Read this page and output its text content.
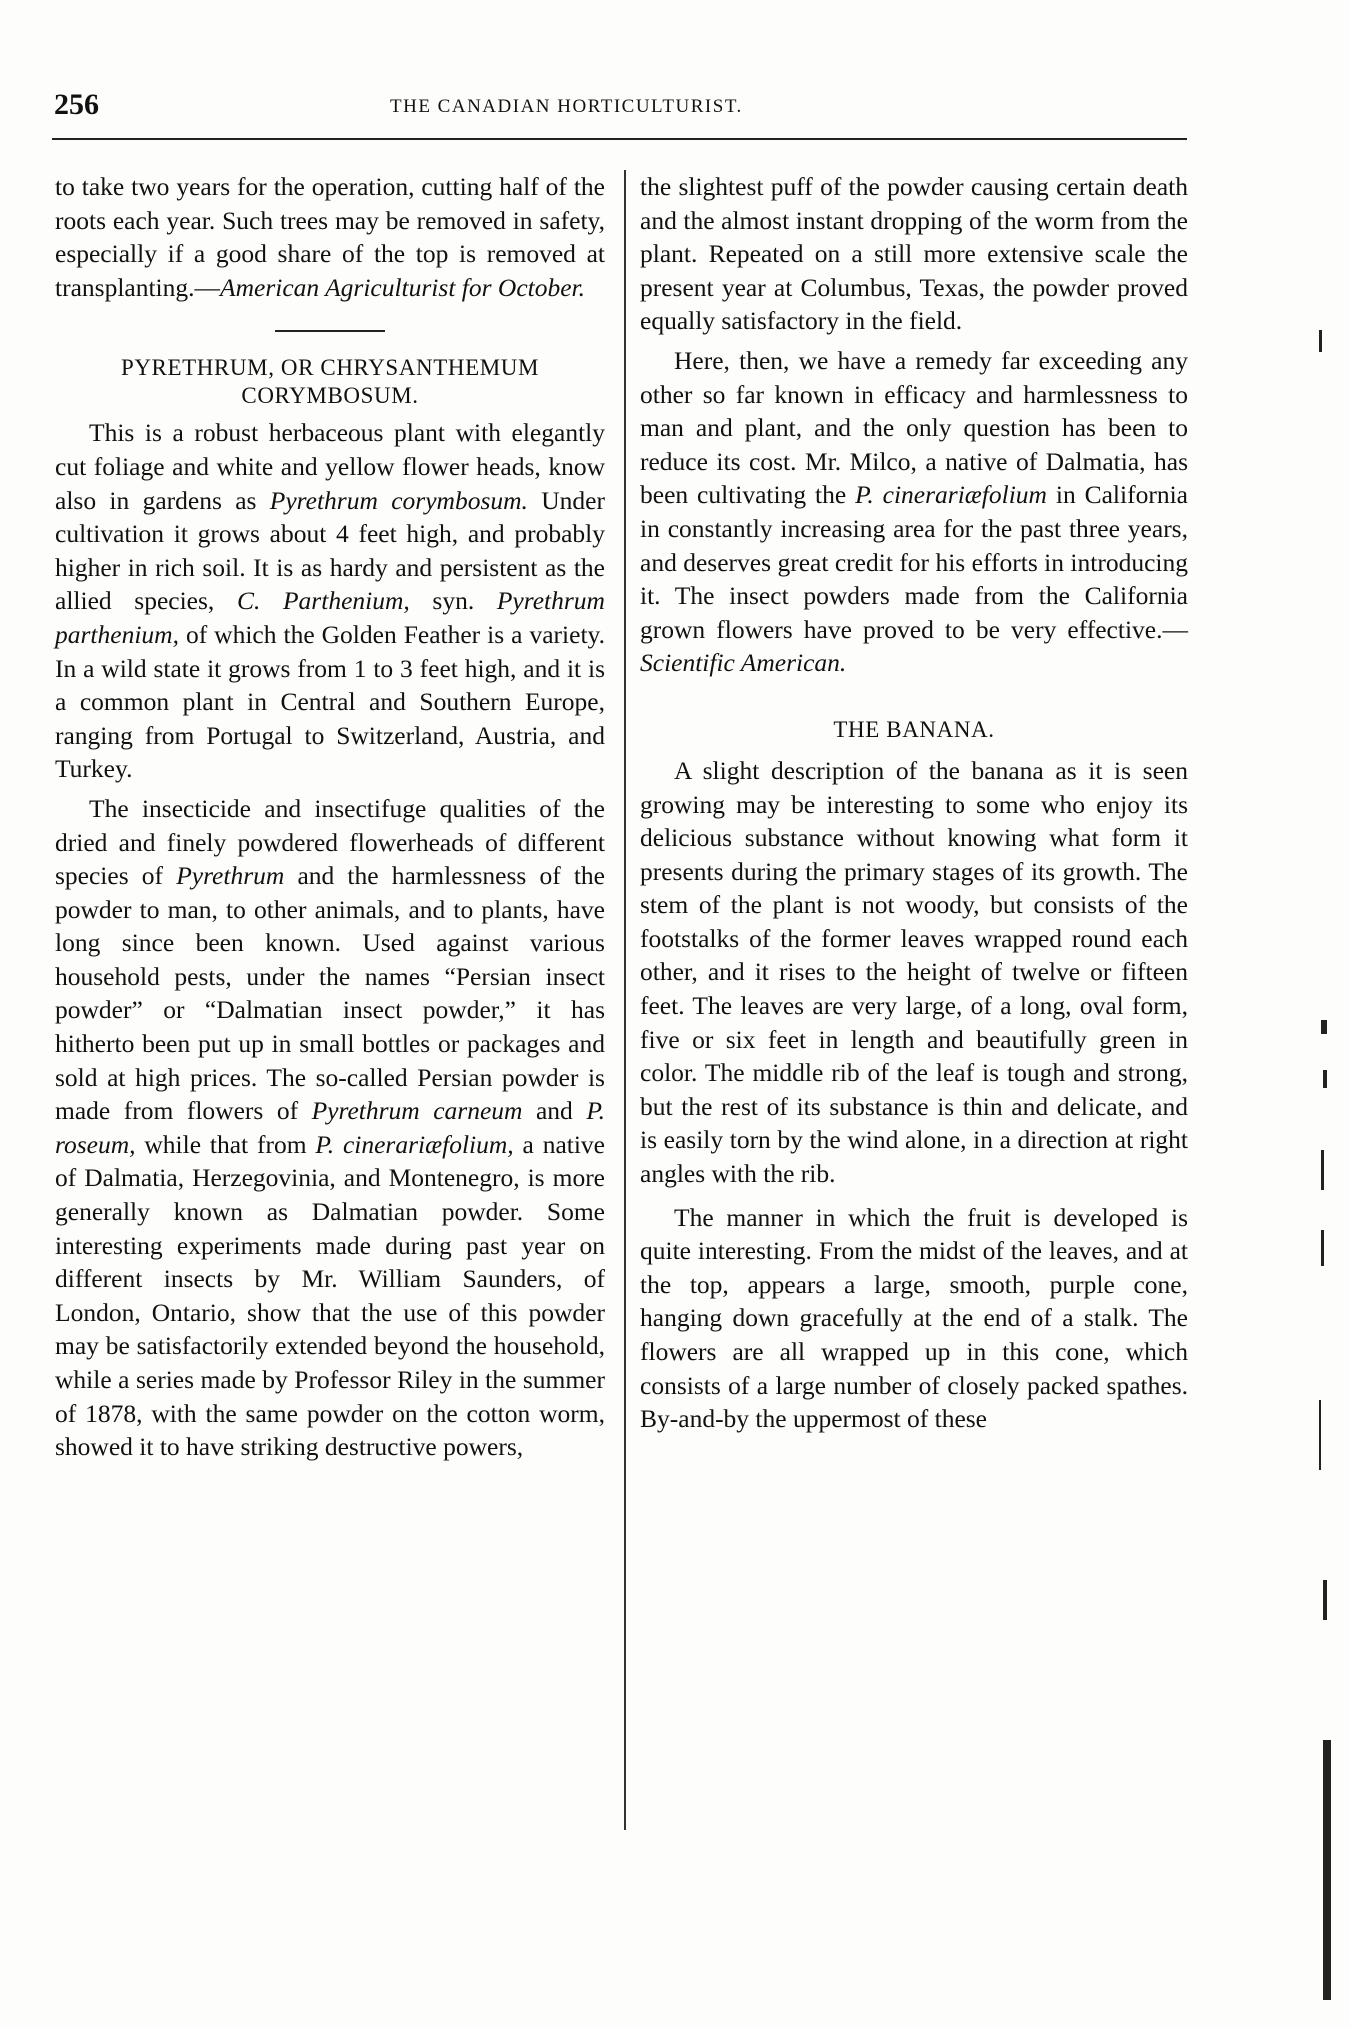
256	THE CANADIAN HORTICULTURIST.

to take two years for the operation, cutting half of the roots each year. Such trees may be removed in safety, especially if a good share of the top is removed at transplanting.—American Agriculturist for October.

PYRETHRUM, OR CHRYSANTHEMUM CORYMBOSUM.

This is a robust herbaceous plant with elegantly cut foliage and white and yellow flower heads, know also in gardens as Pyrethrum corymbosum. Under cultivation it grows about 4 feet high, and probably higher in rich soil. It is as hardy and persistent as the allied species, C. Parthenium, syn. Pyrethrum parthenium, of which the Golden Feather is a variety. In a wild state it grows from 1 to 3 feet high, and it is a common plant in Central and Southern Europe, ranging from Portugal to Switzerland, Austria, and Turkey.

The insecticide and insectifuge qualities of the dried and finely powdered flowerheads of different species of Pyrethrum and the harmlessness of the powder to man, to other animals, and to plants, have long since been known. Used against various household pests, under the names “Persian insect powder” or “Dalmatian insect powder,” it has hitherto been put up in small bottles or packages and sold at high prices. The so-called Persian powder is made from flowers of Pyrethrum carneum and P. roseum, while that from P. cinerariæfolium, a native of Dalmatia, Herzegovinia, and Montenegro, is more generally known as Dalmatian powder. Some interesting experiments made during past year on different insects by Mr. William Saunders, of London, Ontario, show that the use of this powder may be satisfactorily extended beyond the household, while a series made by Professor Riley in the summer of 1878, with the same powder on the cotton worm, showed it to have striking destructive powers,

the slightest puff of the powder causing certain death and the almost instant dropping of the worm from the plant. Repeated on a still more extensive scale the present year at Columbus, Texas, the powder proved equally satisfactory in the field.

Here, then, we have a remedy far exceeding any other so far known in efficacy and harmlessness to man and plant, and the only question has been to reduce its cost. Mr. Milco, a native of Dalmatia, has been cultivating the P. cinerariæfolium in California in constantly increasing area for the past three years, and deserves great credit for his efforts in introducing it. The insect powders made from the California grown flowers have proved to be very effective.—Scientific American.

THE BANANA.

A slight description of the banana as it is seen growing may be interesting to some who enjoy its delicious substance without knowing what form it presents during the primary stages of its growth. The stem of the plant is not woody, but consists of the footstalks of the former leaves wrapped round each other, and it rises to the height of twelve or fifteen feet. The leaves are very large, of a long, oval form, five or six feet in length and beautifully green in color. The middle rib of the leaf is tough and strong, but the rest of its substance is thin and delicate, and is easily torn by the wind alone, in a direction at right angles with the rib.

The manner in which the fruit is developed is quite interesting. From the midst of the leaves, and at the top, appears a large, smooth, purple cone, hanging down gracefully at the end of a stalk. The flowers are all wrapped up in this cone, which consists of a large number of closely packed spathes. By-and-by the uppermost of these
